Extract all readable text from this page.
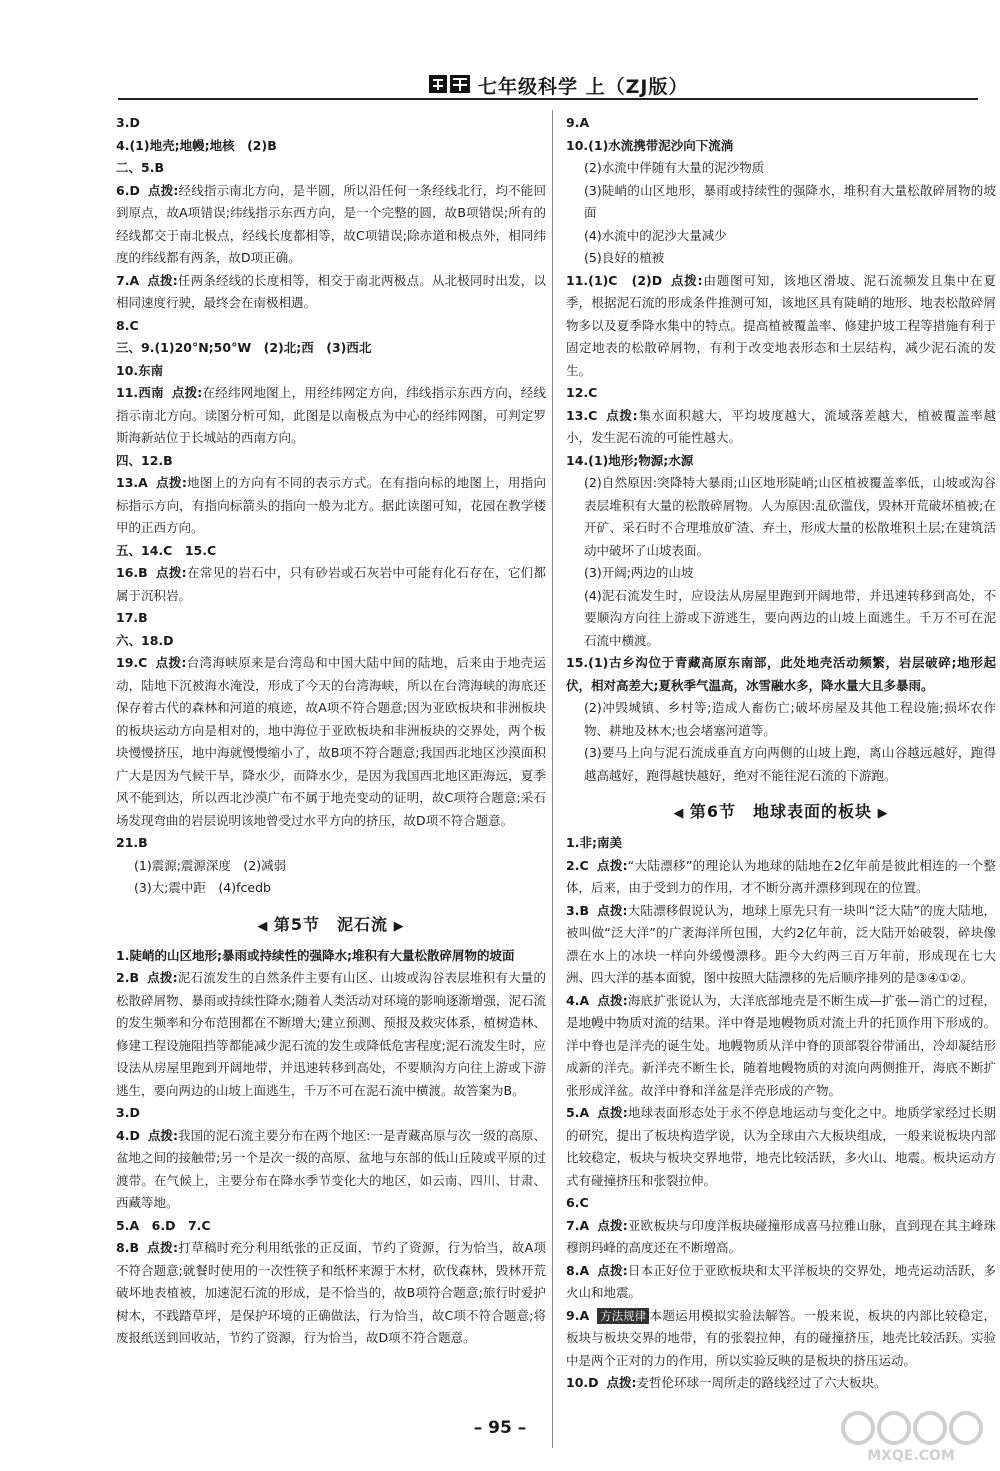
七年级科学 上（ZJ版）
3.D
4.(1)地壳;地幔;地核　(2)B
二、5.B
6.D 点拨:经线指示南北方向，是半圆，所以沿任何一条经线北行，均不能回到原点，故A项错误;纬线指示东西方向，是一个完整的圆，故B项错误;所有的经线都交于南北极点，经线长度都相等，故C项错误;除赤道和极点外，相同纬度的纬线都有两条，故D项正确。
7.A 点拨:任两条经线的长度相等，相交于南北两极点。从北极同时出发，以相同速度行驶，最终会在南极相遇。
8.C
三、9.(1)20°N;50°W　(2)北;西　(3)西北
10.东南
11.西南 点拨:在经纬网地图上，用经纬网定方向，纬线指示东西方向，经线指示南北方向。读图分析可知，此图是以南极点为中心的经纬网图，可判定罗斯海新站位于长城站的西南方向。
四、12.B
13.A 点拨:地图上的方向有不同的表示方式。在有指向标的地图上，用指向标指示方向，有指向标箭头的指向一般为北方。据此读图可知，花园在教学楼甲的正西方向。
五、14.C　15.C
16.B 点拨:在常见的岩石中，只有砂岩或石灰岩中可能有化石存在，它们都属于沉积岩。
17.B
六、18.D
19.C 点拨:台湾海峡原来是台湾岛和中国大陆中间的陆地，后来由于地壳运动，陆地下沉被海水淹没，形成了今天的台湾海峡，所以在台湾海峡的海底还保存着古代的森林和河道的痕迹，故A项不符合题意;因为亚欧板块和非洲板块的板块运动方向是相对的，地中海位于亚欧板块和非洲板块的交界处，两个板块慢慢挤压，地中海就慢慢缩小了，故B项不符合题意;我国西北地区沙漠面积广大是因为气候干旱，降水少，而降水少，是因为我国西北地区距海远，夏季风不能到达，所以西北沙漠广布不属于地壳变动的证明，故C项符合题意;采石场发现弯曲的岩层说明该地曾受过水平方向的挤压，故D项不符合题意。
21.B
(1)震源;震源深度　(2)减弱
(3)大;震中距　(4)fcedb
◀ 第5节　泥石流 ▶
1.陡峭的山区地形;暴雨或持续性的强降水;堆积有大量松散碎屑物的坡面
2.B 点拨:泥石流发生的自然条件主要有山区、山坡或沟谷表层堆积有大量的松散碎屑物、暴雨或持续性降水;随着人类活动对环境的影响逐渐增强，泥石流的发生频率和分布范围都在不断增大;建立预测、预报及救灾体系，植树造林、修建工程设施阻挡等都能减少泥石流的发生或降低危害程度;泥石流发生时，应设法从房屋里跑到开阔地带，并迅速转移到高处，不要顺沟方向往上游或下游逃生，要向两边的山坡上面逃生，千万不可在泥石流中横渡。故答案为B。
3.D
4.D 点拨:我国的泥石流主要分布在两个地区:一是青藏高原与次一级的高原、盆地之间的接触带;另一个是次一级的高原、盆地与东部的低山丘陵或平原的过渡带。在气候上，主要分布在降水季节变化大的地区，如云南、四川、甘肃、西藏等地。
5.A　6.D　7.C
8.B 点拨:打草稿时充分利用纸张的正反面，节约了资源，行为恰当，故A项不符合题意;就餐时使用的一次性筷子和纸杯来源于木材，砍伐森林，毁林开荒破坏地表植被，加速泥石流的形成，是不恰当的，故B项符合题意;旅行时爱护树木，不践踏草坪，是保护环境的正确做法，行为恰当，故C项不符合题意;将废报纸送到回收站，节约了资源，行为恰当，故D项不符合题意。
9.A
10.(1)水流携带泥沙向下流淌
(2)水流中伴随有大量的泥沙物质
(3)陡峭的山区地形，暴雨或持续性的强降水，堆积有大量松散碎屑物的坡面
(4)水流中的泥沙大量减少
(5)良好的植被
11.(1)C　(2)D 点拨:由题图可知，该地区滑坡、泥石流频发且集中在夏季，根据泥石流的形成条件推测可知，该地区具有陡峭的地形、地表松散碎屑物多以及夏季降水集中的特点。提高植被覆盖率、修建护坡工程等措施有利于固定地表的松散碎屑物，有利于改变地表形态和土层结构，减少泥石流的发生。
12.C
13.C 点拨:集水面积越大，平均坡度越大，流域落差越大，植被覆盖率越小，发生泥石流的可能性越大。
14.(1)地形;物源;水源
(2)自然原因:突降特大暴雨;山区地形陡峭;山区植被覆盖率低，山坡或沟谷表层堆积有大量的松散碎屑物。人为原因:乱砍滥伐，毁林开荒破坏植被;在开矿、采石时不合理堆放矿渣、弃土，形成大量的松散堆积土层;在建筑活动中破坏了山坡表面。
(3)开阔;两边的山坡
(4)泥石流发生时，应设法从房屋里跑到开阔地带，并迅速转移到高处，不要顺沟方向往上游或下游逃生，要向两边的山坡上面逃生。千万不可在泥石流中横渡。
15.(1)古乡沟位于青藏高原东南部，此处地壳活动频繁，岩层破碎;地形起伏，相对高差大;夏秋季气温高，冰雪融水多，降水量大且多暴雨。
(2)冲毁城镇、乡村等;造成人畜伤亡;破坏房屋及其他工程设施;损坏农作物、耕地及林木;也会堵塞河道等。
(3)要马上向与泥石流成垂直方向两侧的山坡上跑，离山谷越远越好，跑得越高越好，跑得越快越好，绝对不能往泥石流的下游跑。
◀ 第6节　地球表面的板块 ▶
1.非;南美
2.C 点拨:“大陆漂移”的理论认为地球的陆地在2亿年前是彼此相连的一个整体，后来，由于受到力的作用，才不断分离并漂移到现在的位置。
3.B 点拨:大陆漂移假说认为，地球上原先只有一块叫“泛大陆”的庞大陆地，被叫做“泛大洋”的广袤海洋所包围，大约2亿年前，泛大陆开始破裂，碎块像漂在水上的冰块一样向外缓慢漂移。距今大约两三百万年前，形成现在七大洲、四大洋的基本面貌，图中按照大陆漂移的先后顺序排列的是③④①②。
4.A 点拨:海底扩张说认为，大洋底部地壳是不断生成—扩张—消亡的过程，是地幔中物质对流的结果。洋中脊是地幔物质对流上升的托顶作用下形成的。洋中脊也是洋壳的诞生处。地幔物质从洋中脊的顶部裂谷带涌出，冷却凝结形成新的洋壳。新洋壳不断生长，随着地幔物质的对流向两侧推开，海底不断扩张形成洋盆。故洋中脊和洋盆是洋壳形成的产物。
5.A 点拨:地球表面形态处于永不停息地运动与变化之中。地质学家经过长期的研究，提出了板块构造学说，认为全球由六大板块组成，一般来说板块内部比较稳定，板块与板块交界地带，地壳比较活跃，多火山、地震。板块运动方式有碰撞挤压和张裂拉伸。
6.C
7.A 点拨:亚欧板块与印度洋板块碰撞形成喜马拉雅山脉，直到现在其主峰珠穆朗玛峰的高度还在不断增高。
8.A 点拨:日本正好位于亚欧板块和太平洋板块的交界处，地壳运动活跃，多火山和地震。
9.A 方法规律 本题运用模拟实验法解答。一般来说，板块的内部比较稳定，板块与板块交界的地带，有的张裂拉伸，有的碰撞挤压，地壳比较活跃。实验中是两个正对的力的作用，所以实验反映的是板块的挤压运动。
10.D 点拨:麦哲伦环球一周所走的路线经过了六大板块。
– 95 –
MXQE.COM
